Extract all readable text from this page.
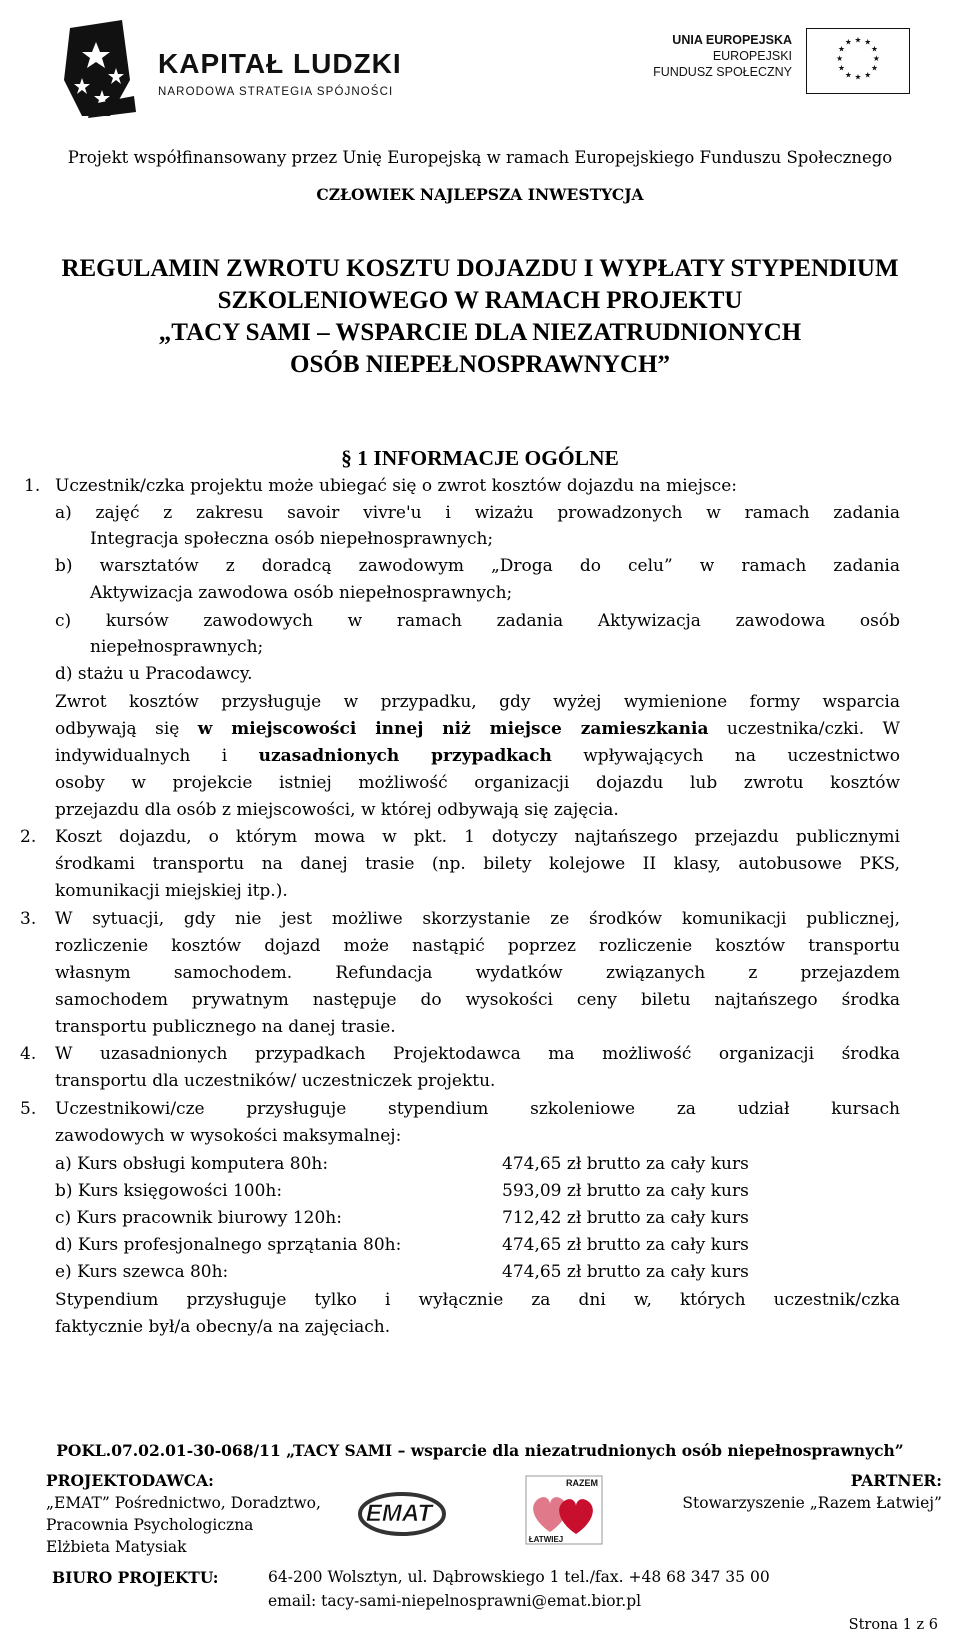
KAPITAŁ LUDZKI
NARODOWA STRATEGIA SPÓJNOŚCI
UNIA EUROPEJSKA
EUROPEJSKI
FUNDUSZ SPOŁECZNY
★ ★
★
★
★
★
★
★
★
★
★
★
Projekt współfinansowany przez Unię Europejską w ramach Europejskiego Funduszu Społecznego
CZŁOWIEK NAJLEPSZA INWESTYCJA
REGULAMIN ZWROTU KOSZTU DOJAZDU I WYPŁATY STYPENDIUM
SZKOLENIOWEGO W RAMACH PROJEKTU
„TACY SAMI – WSPARCIE DLA NIEZATRUDNIONYCH
OSÓB NIEPEŁNOSPRAWNYCH”
§ 1 INFORMACJE OGÓLNE
1. Uczestnik/czka projektu może ubiegać się o zwrot kosztów dojazdu na miejsce:
a) zajęć z zakresu savoir vivre'u i wizażu prowadzonych w ramach zadania
Integracja społeczna osób niepełnosprawnych;
b) warsztatów z doradcą zawodowym „Droga do celu” w ramach zadania
Aktywizacja zawodowa osób niepełnosprawnych;
c) kursów zawodowych w ramach zadania Aktywizacja zawodowa osób
niepełnosprawnych;
d) stażu u Pracodawcy.
Zwrot kosztów przysługuje w przypadku, gdy wyżej wymienione formy wsparcia
odbywają się w miejscowości innej niż miejsce zamieszkania uczestnika/czki. W
indywidualnych i uzasadnionych przypadkach wpływających na uczestnictwo
osoby w projekcie istniej możliwość organizacji dojazdu lub zwrotu kosztów
przejazdu dla osób z miejscowości, w której odbywają się zajęcia.
2. Koszt dojazdu, o którym mowa w pkt. 1 dotyczy najtańszego przejazdu publicznymi
środkami transportu na danej trasie (np. bilety kolejowe II klasy, autobusowe PKS,
komunikacji miejskiej itp.).
3. W sytuacji, gdy nie jest możliwe skorzystanie ze środków komunikacji publicznej,
rozliczenie kosztów dojazd może nastąpić poprzez rozliczenie kosztów transportu
własnym samochodem. Refundacja wydatków związanych z przejazdem
samochodem prywatnym następuje do wysokości ceny biletu najtańszego środka
transportu publicznego na danej trasie.
4. W uzasadnionych przypadkach Projektodawca ma możliwość organizacji środka
transportu dla uczestników/ uczestniczek projektu.
5. Uczestnikowi/cze przysługuje stypendium szkoleniowe za udział kursach
zawodowych w wysokości maksymalnej:
a) Kurs obsługi komputera 80h:	474,65 zł brutto za cały kurs
b) Kurs księgowości 100h:	593,09 zł brutto za cały kurs
c) Kurs pracownik biurowy 120h:	712,42 zł brutto za cały kurs
d) Kurs profesjonalnego sprzątania 80h:	474,65 zł brutto za cały kurs
e) Kurs szewca 80h:	474,65 zł brutto za cały kurs
Stypendium przysługuje tylko i wyłącznie za dni w, których uczestnik/czka
faktycznie był/a obecny/a na zajęciach.
POKL.07.02.01-30-068/11 „TACY SAMI – wsparcie dla niezatrudnionych osób niepełnosprawnych”
PROJEKTODAWCA:
„EMAT” Pośrednictwo, Doradztwo,
Pracownia Psychologiczna
Elżbieta Matysiak
EMAT
RAZEM
ŁATWIEJ
PARTNER:
Stowarzyszenie „Razem Łatwiej”
BIURO PROJEKTU:	64-200 Wolsztyn, ul. Dąbrowskiego 1 tel./fax. +48 68 347 35 00
email: tacy-sami-niepelnosprawni@emat.bior.pl
Strona 1 z 6
